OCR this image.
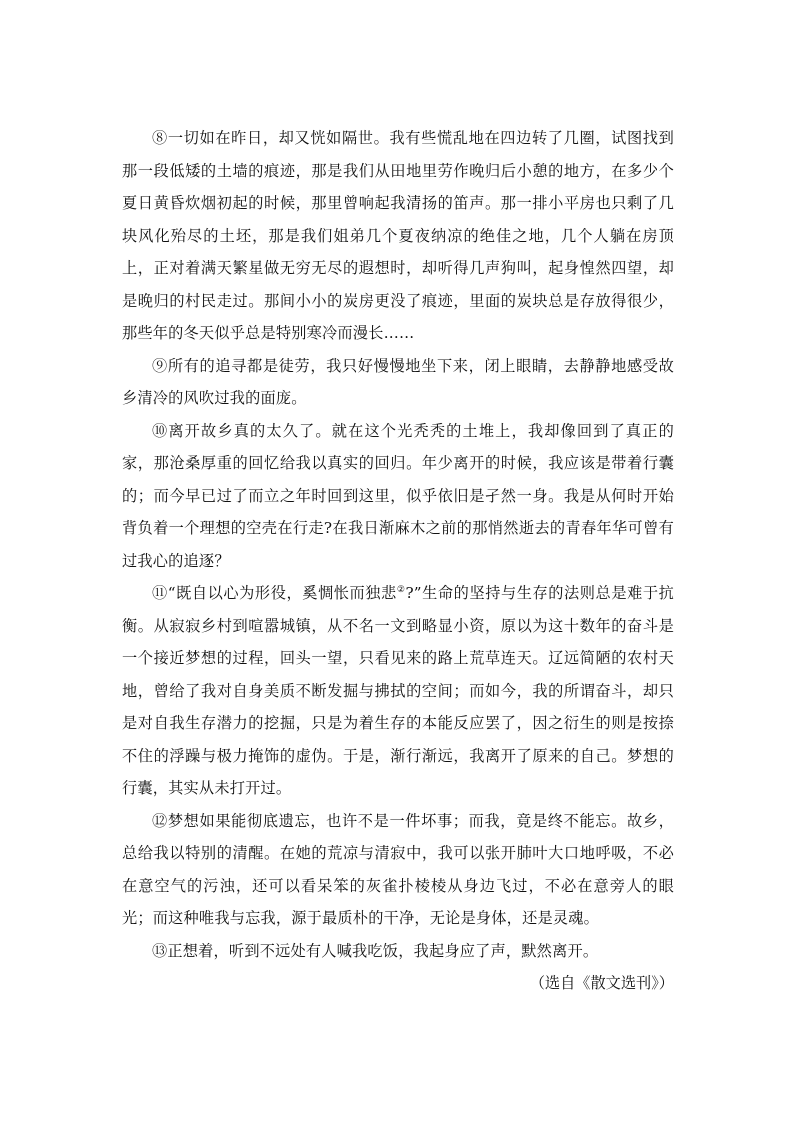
⑧一切如在昨日，却又恍如隔世。我有些慌乱地在四边转了几圈，试图找到那一段低矮的土墙的痕迹，那是我们从田地里劳作晚归后小憩的地方，在多少个夏日黄昏炊烟初起的时候，那里曾响起我清扬的笛声。那一排小平房也只剩了几块风化殆尽的土坯，那是我们姐弟几个夏夜纳凉的绝佳之地，几个人躺在房顶上，正对着满天繁星做无穷无尽的遐想时，却听得几声狗叫，起身惶然四望，却是晚归的村民走过。那间小小的炭房更没了痕迹，里面的炭块总是存放得很少，那些年的冬天似乎总是特别寒冷而漫长……

⑨所有的追寻都是徒劳，我只好慢慢地坐下来，闭上眼睛，去静静地感受故乡清冷的风吹过我的面庞。

⑩离开故乡真的太久了。就在这个光秃秃的土堆上，我却像回到了真正的家，那沧桑厚重的回忆给我以真实的回归。年少离开的时候，我应该是带着行囊的；而今早已过了而立之年时回到这里，似乎依旧是孑然一身。我是从何时开始背负着一个理想的空壳在行走?在我日渐麻木之前的那悄然逝去的青春年华可曾有过我心的追逐？

⑪“既自以心为形役，奚惆怅而独悲②?”生命的坚持与生存的法则总是难于抗衡。从寂寂乡村到喧嚣城镇，从不名一文到略显小资，原以为这十数年的奋斗是一个接近梦想的过程，回头一望，只看见来的路上荒草连天。辽远简陋的农村天地，曾给了我对自身美质不断发掘与拂拭的空间；而如今，我的所谓奋斗，却只是对自我生存潜力的挖掘，只是为着生存的本能反应罢了，因之衍生的则是按捺不住的浮躁与极力掩饰的虚伪。于是，渐行渐远，我离开了原来的自己。梦想的行囊，其实从未打开过。

⑫梦想如果能彻底遗忘，也许不是一件坏事；而我，竟是终不能忘。故乡，总给我以特别的清醒。在她的荒凉与清寂中，我可以张开肺叶大口地呼吸，不必在意空气的污浊，还可以看呆笨的灰雀扑棱棱从身边飞过，不必在意旁人的眼光；而这种唯我与忘我，源于最质朴的干净，无论是身体，还是灵魂。

⑬正想着，听到不远处有人喊我吃饭，我起身应了声，默然离开。

（选自《散文选刊》）
